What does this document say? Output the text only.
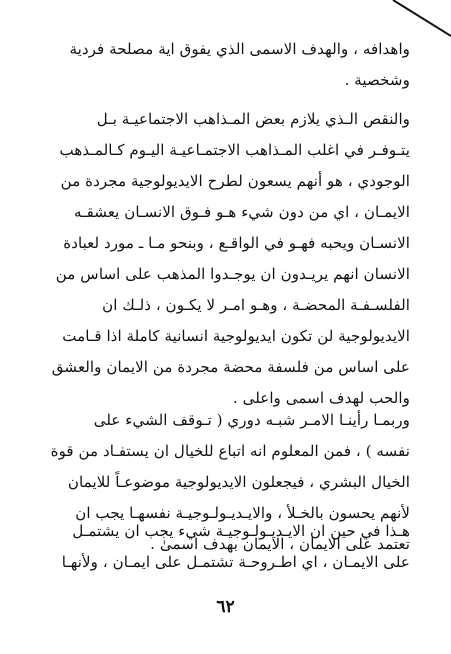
واهدافه ، والهدف الاسمى الذي يفوق اية مصلحة فردية
وشخصية .
والنقص الـذي يلازم بعض المـذاهب الاجتماعيـة بـل
يتـوفـر في اغلب المـذاهب الاجتمـاعيـة اليـوم كـالمـذهب
الوجودي ، هو أنهم يسعون لطرح الايديولوجية مجردة من
الايمـان ، اي من دون شيء هـو فـوق الانسـان يعشقـه
الانسـان ويحبه فهـو في الواقـع ، وبنحو مـا ـ مورد لعبادة
الانسان انهم يريـدون ان يوجـدوا المذهب على اساس من
الفلسـفـة المحضـة ، وهـو امـر لا يكـون ، ذلـك ان
الايديولوجية لن تكون ايديولوجية انسانية كاملة اذا قـامت
على اساس من فلسفة محضة مجردة من الايمان والعشق
والحب لهدف اسمى واعلى .
وربمـا رأينـا الامـر شبـه دوري ( تـوقف الشيء على
نفسه ) ، فمن المعلوم انه اتباع للخيال ان يستفـاد من قوة
الخيال البشري ، فيجعلون الايديولوجية موضوعـاً للايمان
لأنهم يحسون بالخـلأ ، والايـديـولـوجيـة نفسهـا يجب ان
تعتمد على الايمان ، الايمان بهدف اسمىٰ .
هـذا في حين ان الايـديـولـوجيـة شيء يجب ان يشتمـل
على الايمـان ، اي اطـروحـة تشتمـل على ايمـان ، ولأنهـا
٦٢
